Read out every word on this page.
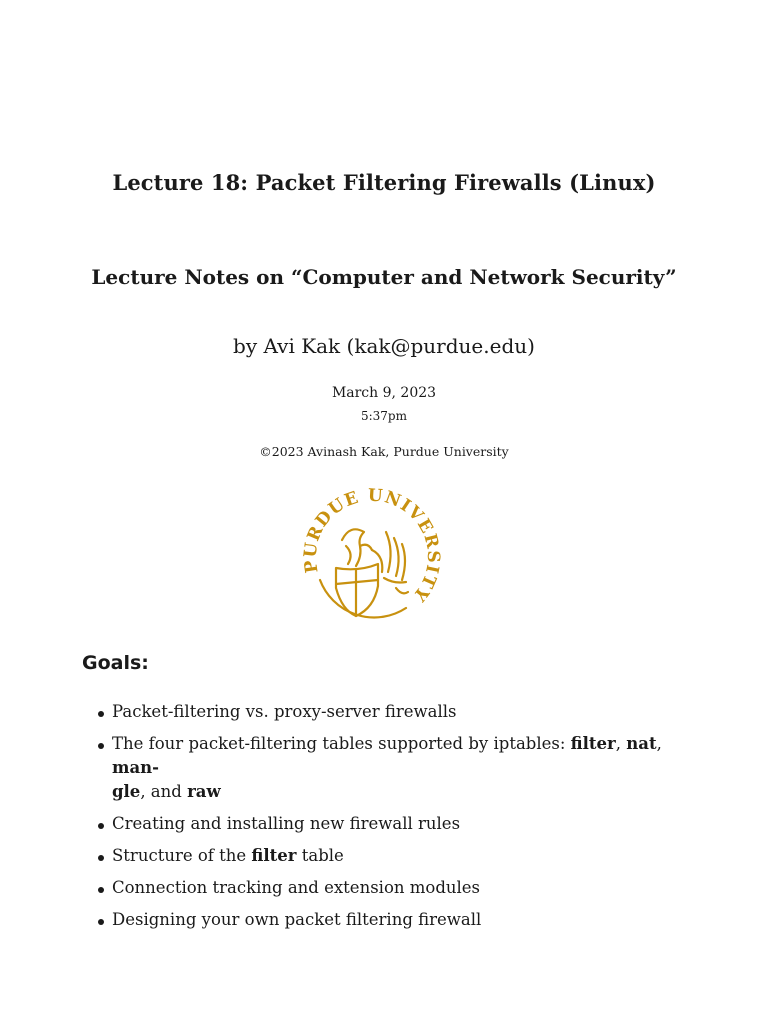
Lecture 18: Packet Filtering Firewalls (Linux)
Lecture Notes on “Computer and Network Security”
by Avi Kak (kak@purdue.edu)
March 9, 2023
5:37pm
©2023 Avinash Kak, Purdue University
PURDUE UNIVERSITY
Goals:
Packet-filtering vs. proxy-server firewalls
The four packet-filtering tables supported by iptables: filter, nat, man-
gle, and raw
Creating and installing new firewall rules
Structure of the filter table
Connection tracking and extension modules
Designing your own packet filtering firewall
